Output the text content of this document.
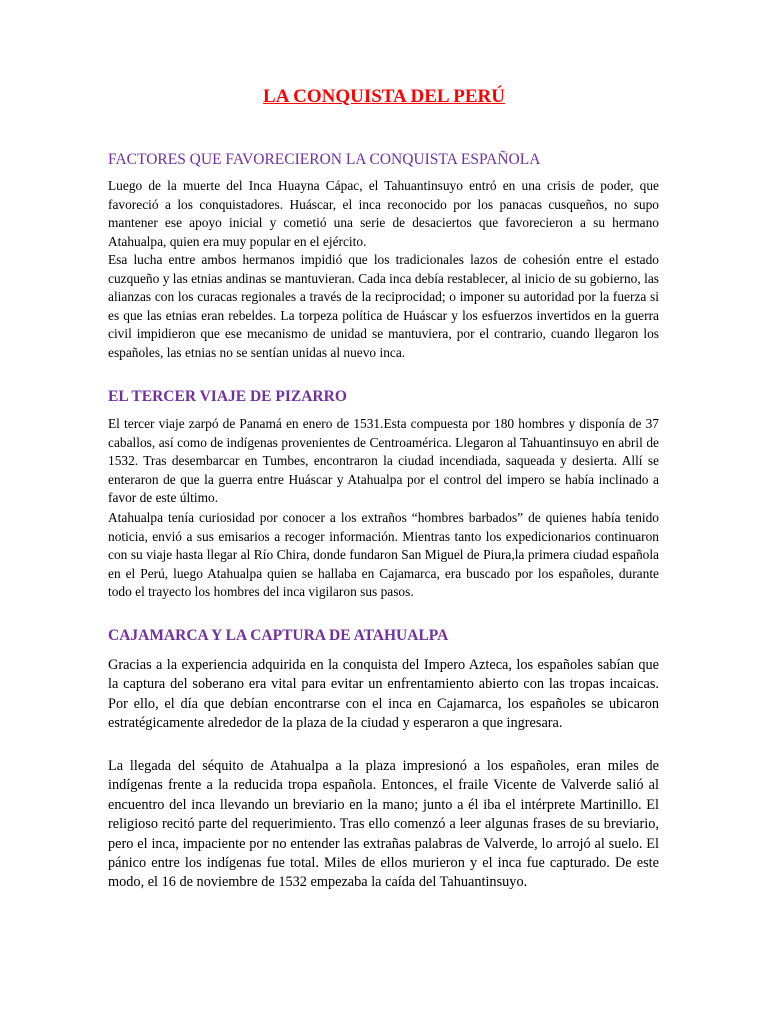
LA CONQUISTA DEL PERÚ
FACTORES QUE FAVORECIERON LA CONQUISTA ESPAÑOLA

Luego de la muerte del Inca Huayna Cápac, el Tahuantinsuyo entró en una crisis de poder, que favoreció a los conquistadores. Huáscar, el inca reconocido por los panacas cusqueños, no supo mantener ese apoyo inicial y cometió una serie de desaciertos que favorecieron a su hermano Atahualpa, quien era muy popular en el ejército.

Esa lucha entre ambos hermanos impidió que los tradicionales lazos de cohesión entre el estado cuzqueño y las etnias andinas se mantuvieran. Cada inca debía restablecer, al inicio de su gobierno, las alianzas con los curacas regionales a través de la reciprocidad; o imponer su autoridad por la fuerza si es que las etnias eran rebeldes. La torpeza política de Huáscar y los esfuerzos invertidos en la guerra civil impidieron que ese mecanismo de unidad se mantuviera, por el contrario, cuando llegaron los españoles, las etnias no se sentían unidas al nuevo inca.

EL TERCER VIAJE DE PIZARRO

El tercer viaje zarpó de Panamá en enero de 1531.Esta compuesta por 180 hombres y disponía de 37 caballos, así como de indígenas provenientes de Centroamérica. Llegaron al Tahuantinsuyo en abril de 1532. Tras desembarcar en Tumbes, encontraron la ciudad incendiada, saqueada y desierta. Allí se enteraron de que la guerra entre Huáscar y Atahualpa por el control del impero se había inclinado a favor de este último.

Atahualpa tenía curiosidad por conocer a los extraños “hombres barbados” de quienes había tenido noticia, envió a sus emisarios a recoger información. Mientras tanto los expedicionarios continuaron con su viaje hasta llegar al Río Chira, donde fundaron San Miguel de Piura,la primera ciudad española en el Perú, luego Atahualpa quien se hallaba en Cajamarca, era buscado por los españoles, durante todo el trayecto los hombres del inca vigilaron sus pasos.

CAJAMARCA Y LA CAPTURA DE ATAHUALPA

Gracias a la experiencia adquirida en la conquista del Impero Azteca, los españoles sabían que la captura del soberano era vital para evitar un enfrentamiento abierto con las tropas incaicas. Por ello, el día que debían encontrarse con el inca en Cajamarca, los españoles se ubicaron estratégicamente alrededor de la plaza de la ciudad y esperaron a que ingresara.

La llegada del séquito de Atahualpa a la plaza impresionó a los españoles, eran miles de indígenas frente a la reducida tropa española. Entonces, el fraile Vicente de Valverde salió al encuentro del inca llevando un breviario en la mano; junto a él iba el intérprete Martinillo. El religioso recitó parte del requerimiento. Tras ello comenzó a leer algunas frases de su breviario, pero el inca, impaciente por no entender las extrañas palabras de Valverde, lo arrojó al suelo. El pánico entre los indígenas fue total. Miles de ellos murieron y el inca fue capturado. De este modo, el 16 de noviembre de 1532 empezaba la caída del Tahuantinsuyo.
